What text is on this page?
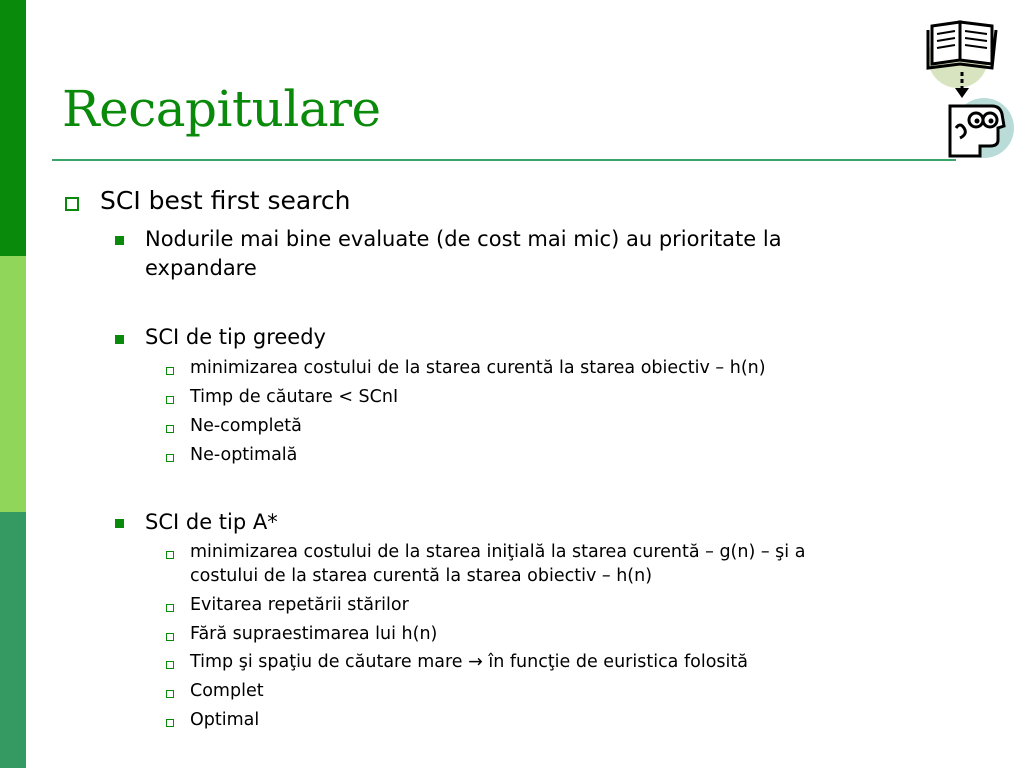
Recapitulare
SCI best first search
Nodurile mai bine evaluate (de cost mai mic) au prioritate la
expandare
SCI de tip greedy
minimizarea costului de la starea curentă la starea obiectiv – h(n)
Timp de căutare < SCnI
Ne-completă
Ne-optimală
SCI de tip A*
minimizarea costului de la starea iniţială la starea curentă – g(n) – şi a
costului de la starea curentă la starea obiectiv – h(n)
Evitarea repetării stărilor
Fără supraestimarea lui h(n)
Timp şi spaţiu de căutare mare → în funcţie de euristica folosită
Complet
Optimal
